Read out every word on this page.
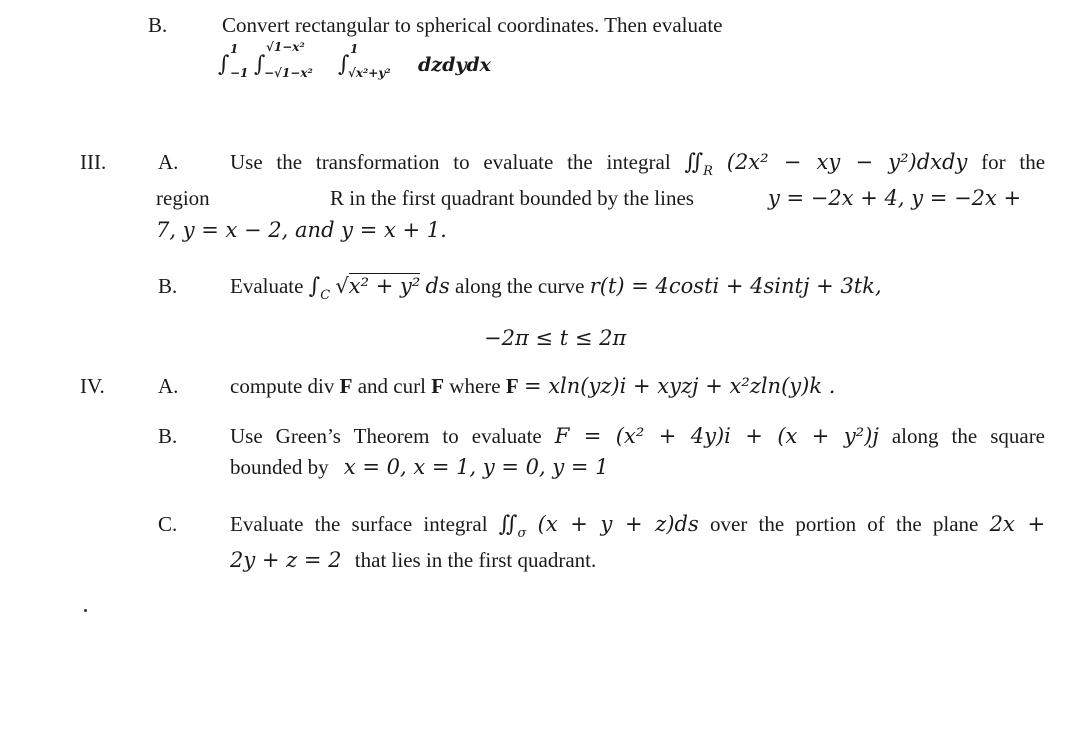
B.	Convert rectangular to spherical coordinates. Then evaluate
∫
1
−1 ∫
√1−x²
−√1−x² ∫
1
√x²+y² dzdydx
III. A. Use the transformation to evaluate the integral $∬_R$ (2x² − xy − y²)dxdy for the
region	R in the first quadrant bounded by the lines	y = −2x + 4, y = −2x +
7, y = x − 2, and y = x + 1.
B.	Evaluate $\int_C$ √x² + y² ds along the curve r(t) = 4costi + 4sintj + 3tk,
−2π ≤ t ≤ 2π
IV.	A. compute div F and curl F where F = xln(yz)i + xyzj + x²zln(y)k .
B.	Use Green’s Theorem to evaluate F = (x² + 4y)i + (x + y²)j along the square
bounded by x = 0, x = 1, y = 0, y = 1
C.	Evaluate the surface integral $∬_\sigma$ (x + y + z)ds over the portion of the plane 2x +
2y + z = 2 that lies in the first quadrant.
